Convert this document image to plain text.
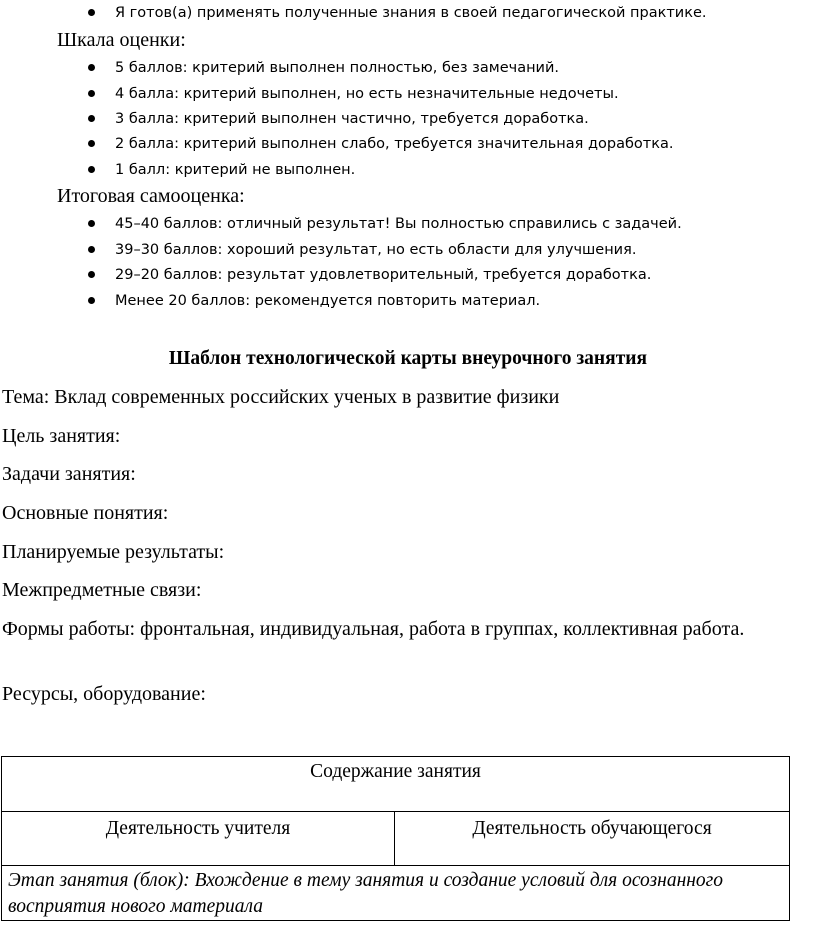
Я готов(а) применять полученные знания в своей педагогической практике.
Шкала оценки:
5 баллов: критерий выполнен полностью, без замечаний.
4 балла: критерий выполнен, но есть незначительные недочеты.
3 балла: критерий выполнен частично, требуется доработка.
2 балла: критерий выполнен слабо, требуется значительная доработка.
1 балл: критерий не выполнен.
Итоговая самооценка:
45–40 баллов: отличный результат! Вы полностью справились с задачей.
39–30 баллов: хороший результат, но есть области для улучшения.
29–20 баллов: результат удовлетворительный, требуется доработка.
Менее 20 баллов: рекомендуется повторить материал.
Шаблон технологической карты внеурочного занятия
Тема: Вклад современных российских ученых в развитие физики
Цель занятия:
Задачи занятия:
Основные понятия:
Планируемые результаты:
Межпредметные связи:
Формы работы: фронтальная, индивидуальная, работа в группах, коллективная работа.
Ресурсы, оборудование:
Содержание занятия
Деятельность учителя	Деятельность обучающегося
Этап занятия (блок): Вхождение в тему занятия и создание условий для осознанного восприятия нового материала
